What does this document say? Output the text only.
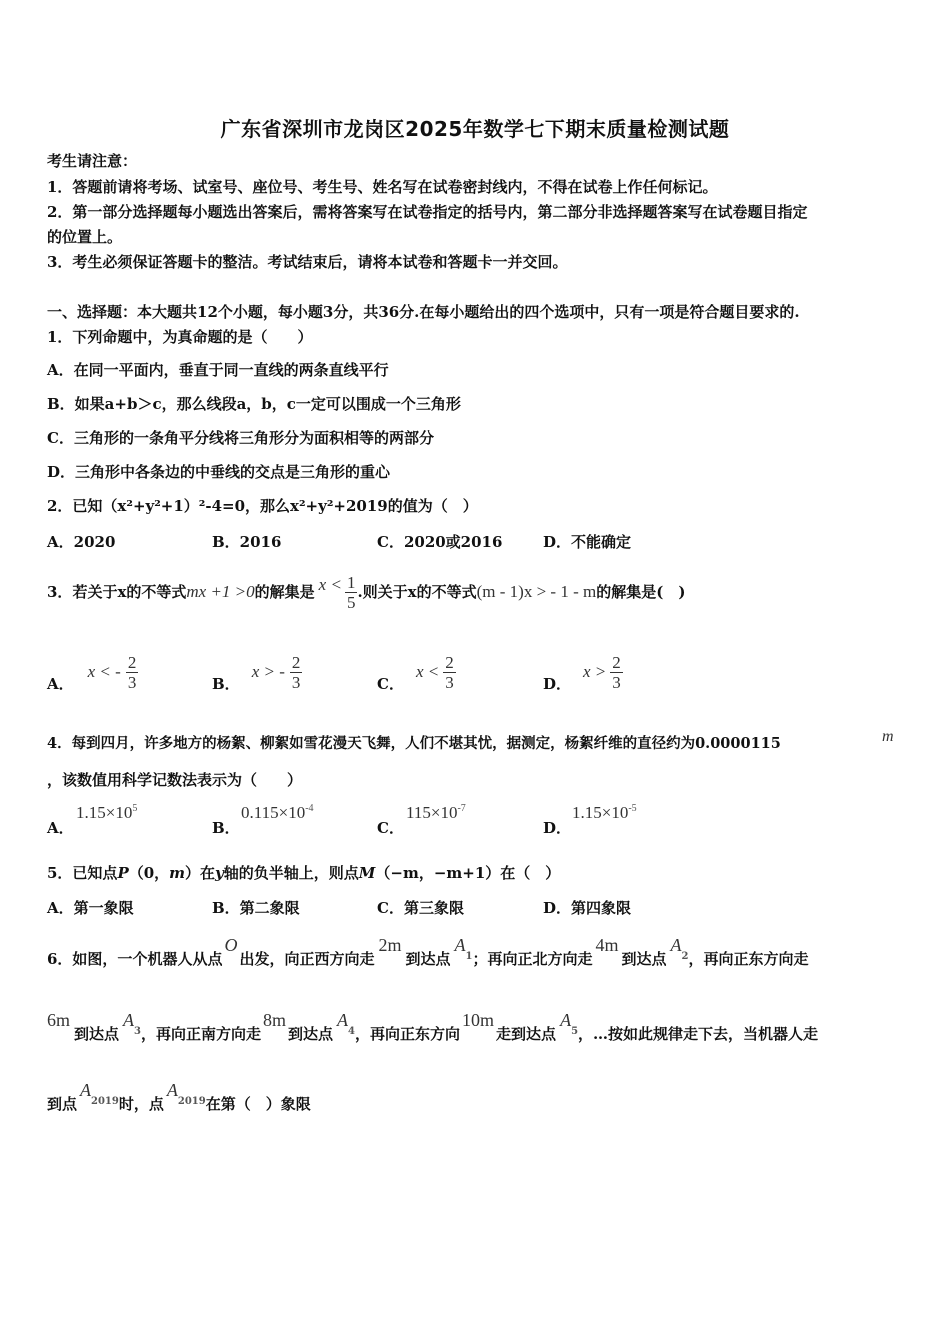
广东省深圳市龙岗区2025年数学七下期末质量检测试题
考生请注意：
1．答题前请将考场、试室号、座位号、考生号、姓名写在试卷密封线内，不得在试卷上作任何标记。
2．第一部分选择题每小题选出答案后，需将答案写在试卷指定的括号内，第二部分非选择题答案写在试卷题目指定
的位置上。
3．考生必须保证答题卡的整洁。考试结束后，请将本试卷和答题卡一并交回。
一、选择题：本大题共12个小题，每小题3分，共36分.在每小题给出的四个选项中，只有一项是符合题目要求的.
1．下列命题中，为真命题的是（　　）
A．在同一平面内，垂直于同一直线的两条直线平行
B．如果a+b＞c，那么线段a，b，c一定可以围成一个三角形
C．三角形的一条角平分线将三角形分为面积相等的两部分
D．三角形中各条边的中垂线的交点是三角形的重心
2．已知（x²+y²+1）²-4=0，那么x²+y²+2019的值为（　）
A．2020	B．2016	C．2020或2016	D．不能确定
3． 若关于x的不等式 mx +1 >0 的解集是 $x < \frac{1}{5}$ .则关于x的不等式 (m - 1)x > - 1 - m 的解集是(　)
A．
x < - $\frac{2}{3}$	B．
x > - $\frac{2}{3}$	C．
$x < \frac{2}{3}$	D．
$x > \frac{2}{3}$
4．每到四月，许多地方的杨絮、柳絮如雪花漫天飞舞，人们不堪其忧，据测定，杨絮纤维的直径约为0.0000115	m
，该数值用科学记数法表示为（　　）
A．
$1.15\times 10^5$
B．
$0.115\times 10^{-4}$
C．
$115\times 10^{-7}$
D．
$1.15\times 10^{-5}$
5．已知点P（0，m）在y轴的负半轴上，则点M（−m，−m+1）在（　）
A．第一象限	B．第二象限	C．第三象限	D．第四象限
6．如图，一个机器人从点
O
出发，向正西方向走
2m
到达点
A
1 ；再向正北方向走
4m
到达点
A
2 ，再向正东方向走
6m
到达点
A
3 ，再向正南方向走
8m
到达点
A
4 ，再向正东方向
10m
走到达点
A
5 ，…按如此规律走下去，当机器人走
到点
A
2019 时，点
A
2019 在第（　）象限
